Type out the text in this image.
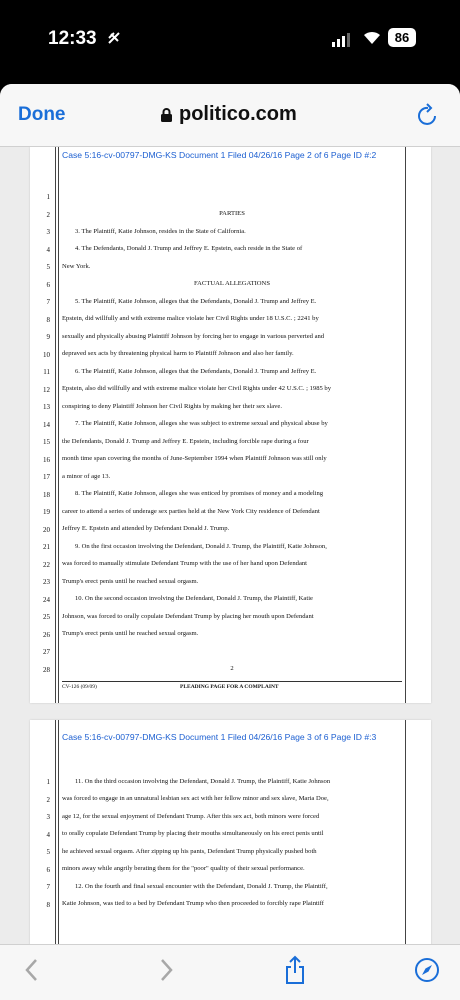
12:33	86
Done	politico.com
Case 5:16-cv-00797-DMG-KS Document 1 Filed 04/26/16 Page 2 of 6 Page ID #:2
1
2	PARTIES
3	3. The Plaintiff, Katie Johnson, resides in the State of California.
4	4. The Defendants, Donald J. Trump and Jeffrey E. Epstein, each reside in the State of
5 New York.
6	FACTUAL ALLEGATIONS
7	5. The Plaintiff, Katie Johnson, alleges that the Defendants, Donald J. Trump and Jeffrey E.
8 Epstein, did willfully and with extreme malice violate her Civil Rights under 18 U.S.C. ; 2241 by
9 sexually and physically abusing Plaintiff Johnson by forcing her to engage in various perverted and
10 depraved sex acts by threatening physical harm to Plaintiff Johnson and also her family.
11	6. The Plaintiff, Katie Johnson, alleges that the Defendants, Donald J. Trump and Jeffrey E.
12 Epstein, also did willfully and with extreme malice violate her Civil Rights under 42 U.S.C. ; 1985 by
13 conspiring to deny Plaintiff Johnson her Civil Rights by making her their sex slave.
14	7. The Plaintiff, Katie Johnson, alleges she was subject to extreme sexual and physical abuse by
15 the Defendants, Donald J. Trump and Jeffrey E. Epstein, including forcible rape during a four
16 month time span covering the months of June-September 1994 when Plaintiff Johnson was still only
17 a minor of age 13.
18	8. The Plaintiff, Katie Johnson, alleges she was enticed by promises of money and a modeling
19 career to attend a series of underage sex parties held at the New York City residence of Defendant
20 Jeffrey E. Epstein and attended by Defendant Donald J. Trump.
21	9. On the first occasion involving the Defendant, Donald J. Trump, the Plaintiff, Katie Johnson,
22 was forced to manually stimulate Defendant Trump with the use of her hand upon Defendant
23 Trump's erect penis until he reached sexual orgasm.
24	10. On the second occasion involving the Defendant, Donald J. Trump, the Plaintiff, Katie
25 Johnson, was forced to orally copulate Defendant Trump by placing her mouth upon Defendant
26 Trump's erect penis until he reached sexual orgasm.
27
28	2
CV-126 (09/09)	PLEADING PAGE FOR A COMPLAINT
Case 5:16-cv-00797-DMG-KS Document 1 Filed 04/26/16 Page 3 of 6 Page ID #:3
1	11. On the third occasion involving the Defendant, Donald J. Trump, the Plaintiff, Katie Johnson
2 was forced to engage in an unnatural lesbian sex act with her fellow minor and sex slave, Maria Doe,
3 age 12, for the sexual enjoyment of Defendant Trump. After this sex act, both minors were forced
4 to orally copulate Defendant Trump by placing their mouths simultaneously on his erect penis until
5 he achieved sexual orgasm. After zipping up his pants, Defendant Trump physically pushed both
6 minors away while angrily berating them for the "poor" quality of their sexual performance.
7	12. On the fourth and final sexual encounter with the Defendant, Donald J. Trump, the Plaintiff,
8 Katie Johnson, was tied to a bed by Defendant Trump who then proceeded to forcibly rape Plaintiff
